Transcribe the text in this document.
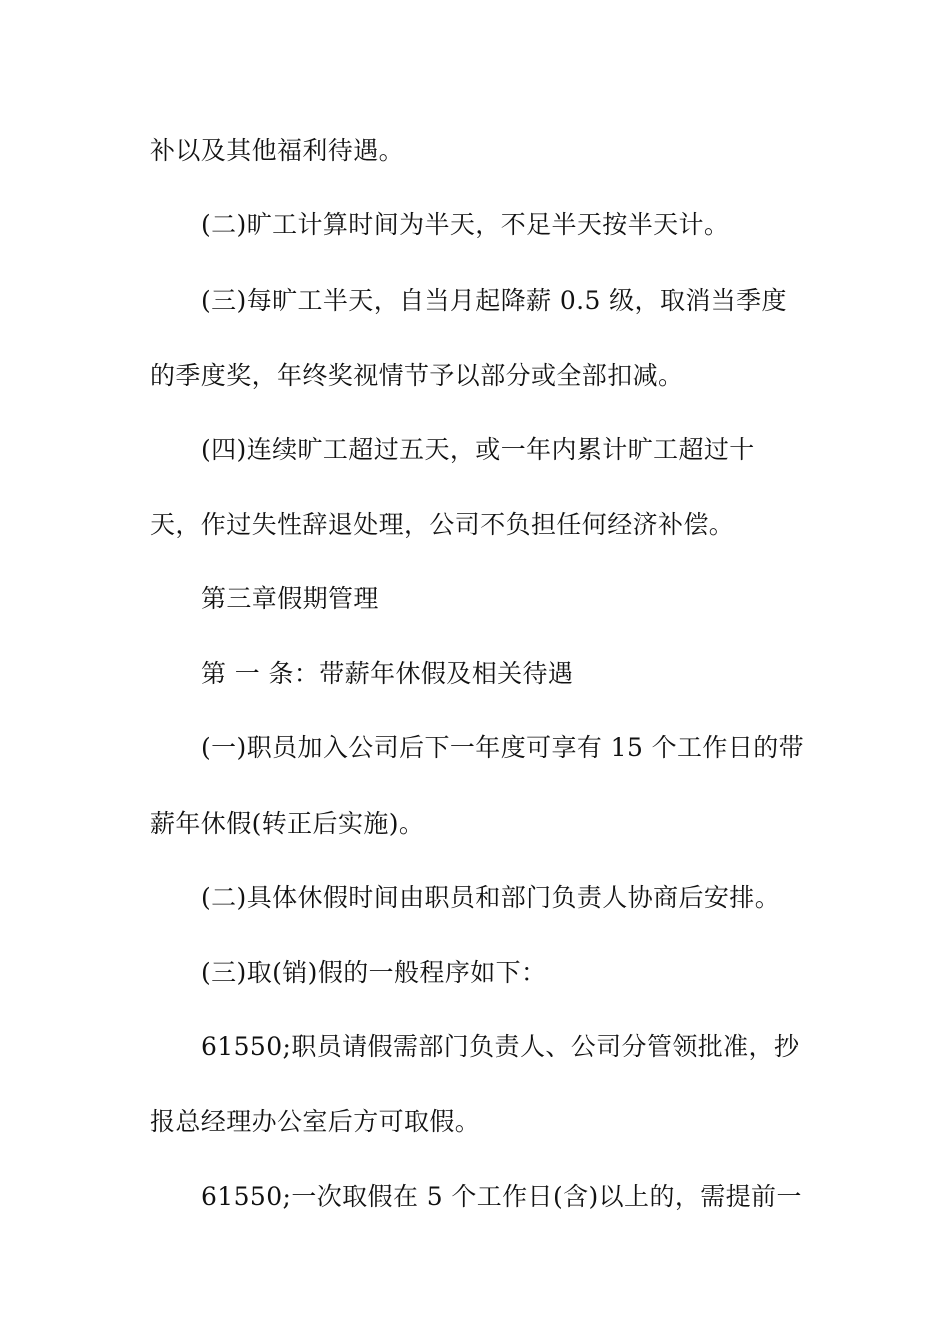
补以及其他福利待遇。
(二)旷工计算时间为半天，不足半天按半天计。
(三)每旷工半天，自当月起降薪 0.5 级，取消当季度
的季度奖，年终奖视情节予以部分或全部扣减。
(四)连续旷工超过五天，或一年内累计旷工超过十
天，作过失性辞退处理，公司不负担任何经济补偿。
第三章假期管理
第 一 条：带薪年休假及相关待遇
(一)职员加入公司后下一年度可享有 15 个工作日的带
薪年休假(转正后实施)。
(二)具体休假时间由职员和部门负责人协商后安排。
(三)取(销)假的一般程序如下：
61550;职员请假需部门负责人、公司分管领批准，抄
报总经理办公室后方可取假。
61550;一次取假在 5 个工作日(含)以上的，需提前一
